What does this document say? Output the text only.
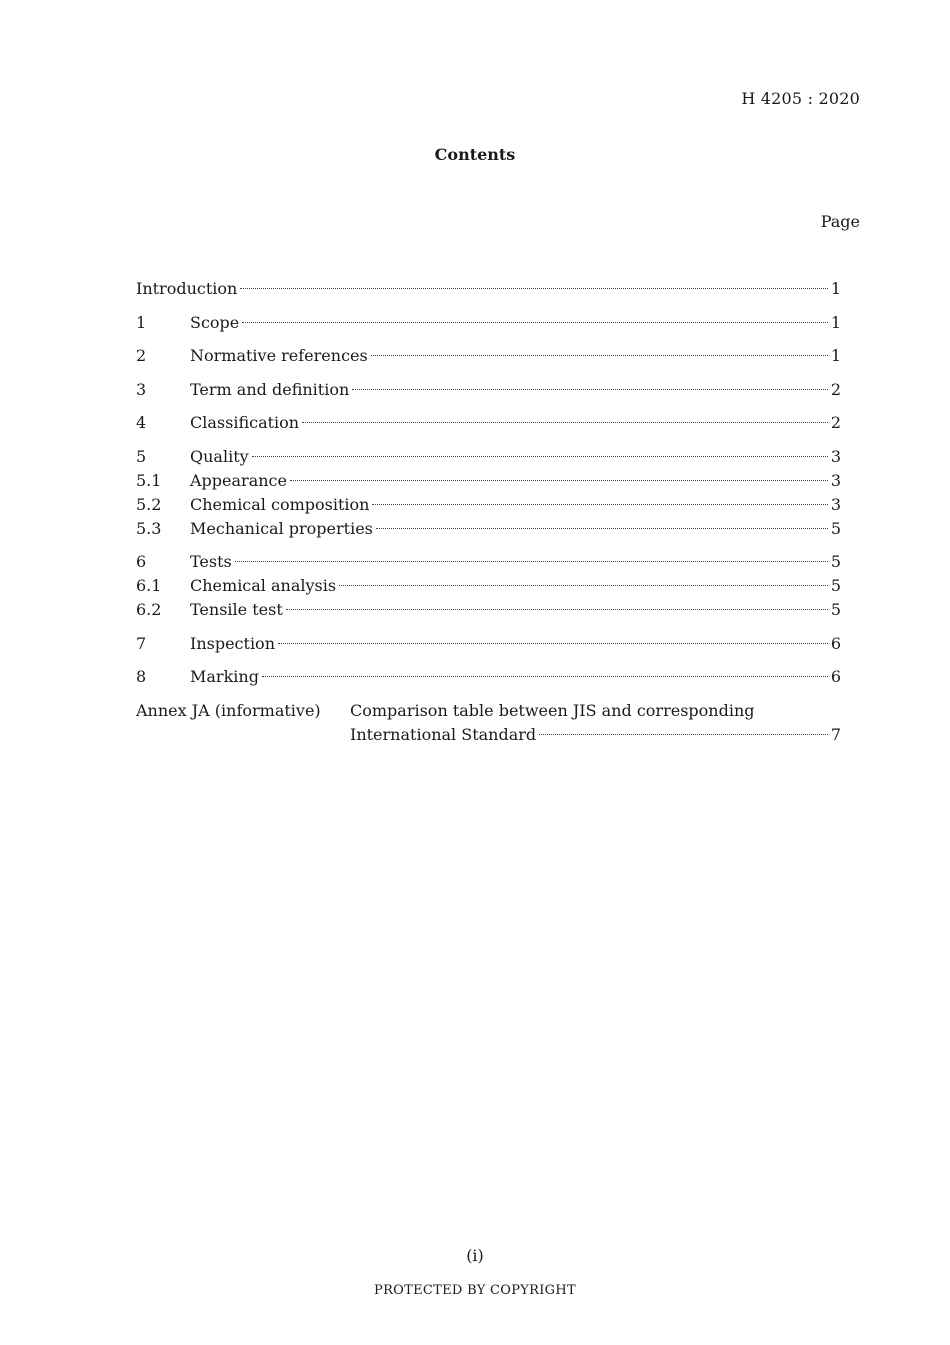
H 4205 : 2020
Contents
Page
Introduction	1
1	Scope	1
2	Normative references	1
3	Term and definition	2
4	Classification	2
5	Quality	3
5.1	Appearance	3
5.2	Chemical composition	3
5.3	Mechanical properties	5
6	Tests	5
6.1	Chemical analysis	5
6.2	Tensile test	5
7	Inspection	6
8	Marking	6
Annex JA (informative)	Comparison table between JIS and corresponding
International Standard	7
(i)
PROTECTED BY COPYRIGHT
